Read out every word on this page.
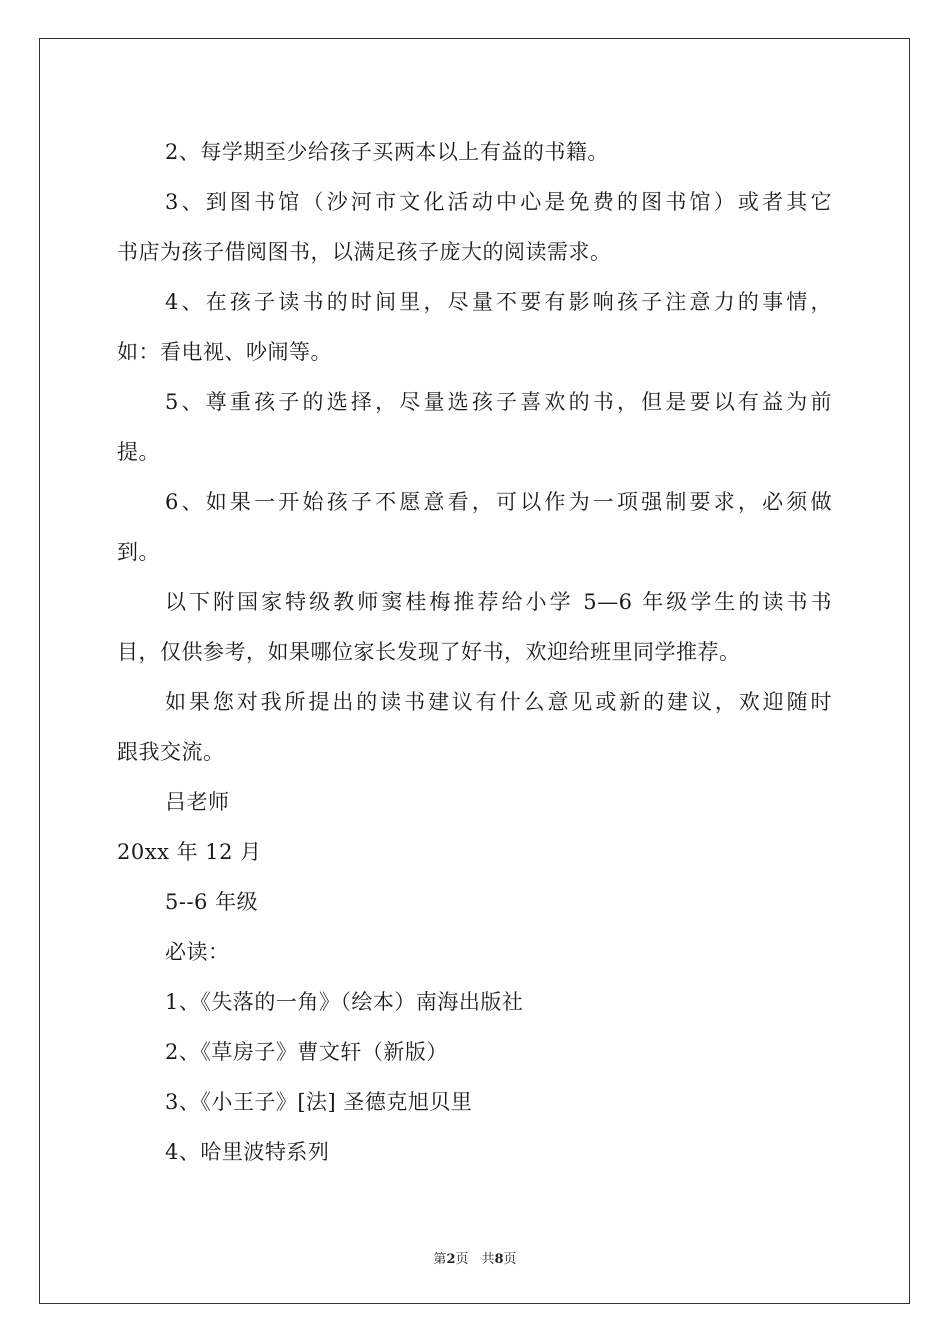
2、每学期至少给孩子买两本以上有益的书籍。
3、到图书馆（沙河市文化活动中心是免费的图书馆）或者其它
书店为孩子借阅图书，以满足孩子庞大的阅读需求。
4、在孩子读书的时间里，尽量不要有影响孩子注意力的事情，
如：看电视、吵闹等。
5、尊重孩子的选择，尽量选孩子喜欢的书，但是要以有益为前
提。
6、如果一开始孩子不愿意看，可以作为一项强制要求，必须做
到。
以下附国家特级教师窦桂梅推荐给小学 5—6 年级学生的读书书
目，仅供参考，如果哪位家长发现了好书，欢迎给班里同学推荐。
如果您对我所提出的读书建议有什么意见或新的建议，欢迎随时
跟我交流。
吕老师
20xx 年 12 月
5--6 年级
必读：
1、《失落的一角》（绘本）南海出版社
2、《草房子》曹文轩（新版）
3、《小王子》[法] 圣德克旭贝里
4、哈里波特系列
第2页　共8页
